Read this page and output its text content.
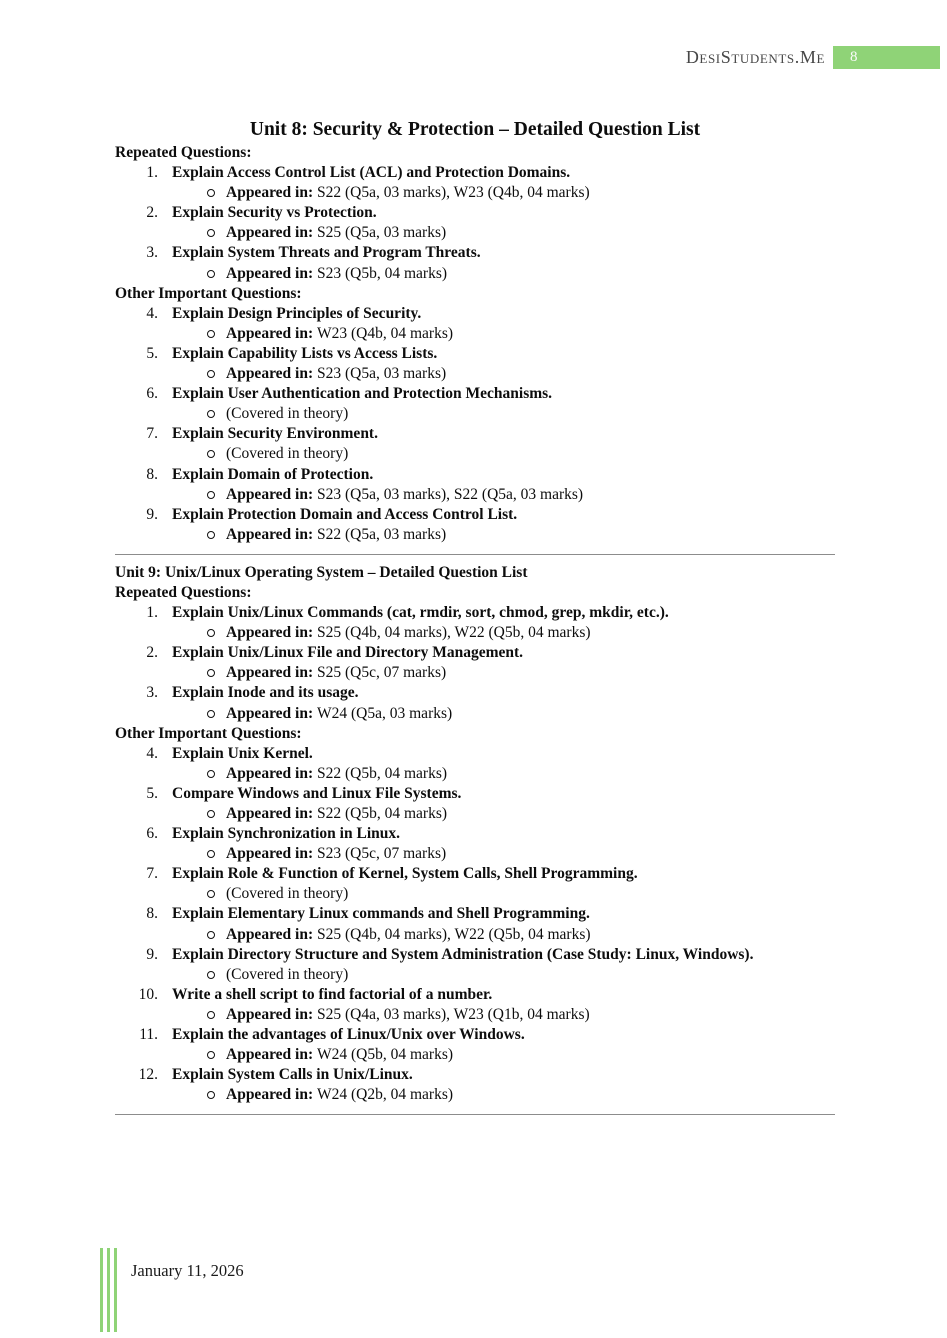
DesiStudents.Me 8
Unit 8: Security & Protection – Detailed Question List
Repeated Questions:
1. Explain Access Control List (ACL) and Protection Domains.
Appeared in: S22 (Q5a, 03 marks), W23 (Q4b, 04 marks)
2. Explain Security vs Protection.
Appeared in: S25 (Q5a, 03 marks)
3. Explain System Threats and Program Threats.
Appeared in: S23 (Q5b, 04 marks)
Other Important Questions:
4. Explain Design Principles of Security.
Appeared in: W23 (Q4b, 04 marks)
5. Explain Capability Lists vs Access Lists.
Appeared in: S23 (Q5a, 03 marks)
6. Explain User Authentication and Protection Mechanisms.
(Covered in theory)
7. Explain Security Environment.
(Covered in theory)
8. Explain Domain of Protection.
Appeared in: S23 (Q5a, 03 marks), S22 (Q5a, 03 marks)
9. Explain Protection Domain and Access Control List.
Appeared in: S22 (Q5a, 03 marks)
Unit 9: Unix/Linux Operating System – Detailed Question List
Repeated Questions:
1. Explain Unix/Linux Commands (cat, rmdir, sort, chmod, grep, mkdir, etc.).
Appeared in: S25 (Q4b, 04 marks), W22 (Q5b, 04 marks)
2. Explain Unix/Linux File and Directory Management.
Appeared in: S25 (Q5c, 07 marks)
3. Explain Inode and its usage.
Appeared in: W24 (Q5a, 03 marks)
Other Important Questions:
4. Explain Unix Kernel.
Appeared in: S22 (Q5b, 04 marks)
5. Compare Windows and Linux File Systems.
Appeared in: S22 (Q5b, 04 marks)
6. Explain Synchronization in Linux.
Appeared in: S23 (Q5c, 07 marks)
7. Explain Role & Function of Kernel, System Calls, Shell Programming.
(Covered in theory)
8. Explain Elementary Linux commands and Shell Programming.
Appeared in: S25 (Q4b, 04 marks), W22 (Q5b, 04 marks)
9. Explain Directory Structure and System Administration (Case Study: Linux, Windows).
(Covered in theory)
10. Write a shell script to find factorial of a number.
Appeared in: S25 (Q4a, 03 marks), W23 (Q1b, 04 marks)
11. Explain the advantages of Linux/Unix over Windows.
Appeared in: W24 (Q5b, 04 marks)
12. Explain System Calls in Unix/Linux.
Appeared in: W24 (Q2b, 04 marks)
January 11, 2026
